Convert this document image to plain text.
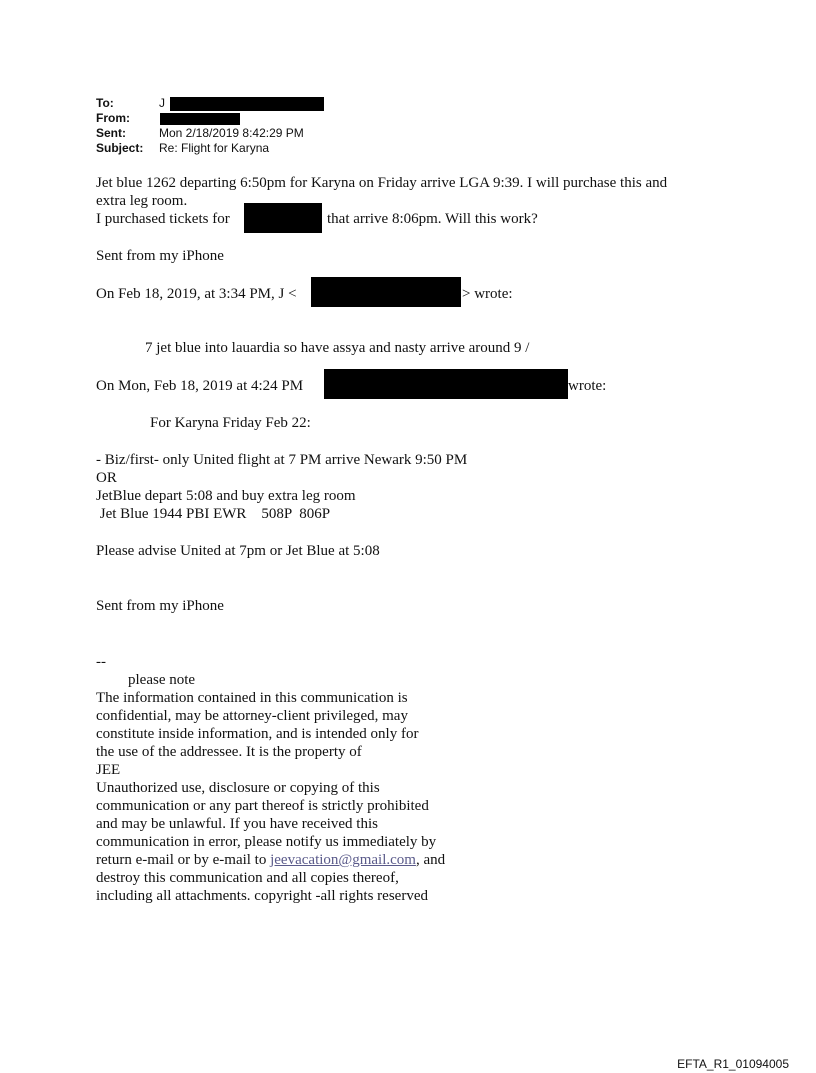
To:	J
From:
Sent:	Mon 2/18/2019 8:42:29 PM
Subject: Re: Flight for Karyna
Jet blue 1262 departing 6:50pm for Karyna on Friday arrive LGA 9:39. I will purchase this and
extra leg room.
I purchased tickets for	that arrive 8:06pm. Will this work?
Sent from my iPhone
On Feb 18, 2019, at 3:34 PM, J <	> wrote:
7 jet blue into lauardia so have assya and nasty arrive around 9 /
On Mon, Feb 18, 2019 at 4:24 PM	wrote:
For Karyna Friday Feb 22:
- Biz/first- only United flight at 7 PM arrive Newark 9:50 PM
OR
JetBlue depart 5:08 and buy extra leg room
Jet Blue 1944 PBI EWR    508P  806P
Please advise United at 7pm or Jet Blue at 5:08
Sent from my iPhone
--
please note
The information contained in this communication is
confidential, may be attorney-client privileged, may
constitute inside information, and is intended only for
the use of the addressee. It is the property of
JEE
Unauthorized use, disclosure or copying of this
communication or any part thereof is strictly prohibited
and may be unlawful. If you have received this
communication in error, please notify us immediately by
return e-mail or by e-mail to jeevacation@gmail.com, and
destroy this communication and all copies thereof,
including all attachments. copyright -all rights reserved
EFTA_R1_01094005
